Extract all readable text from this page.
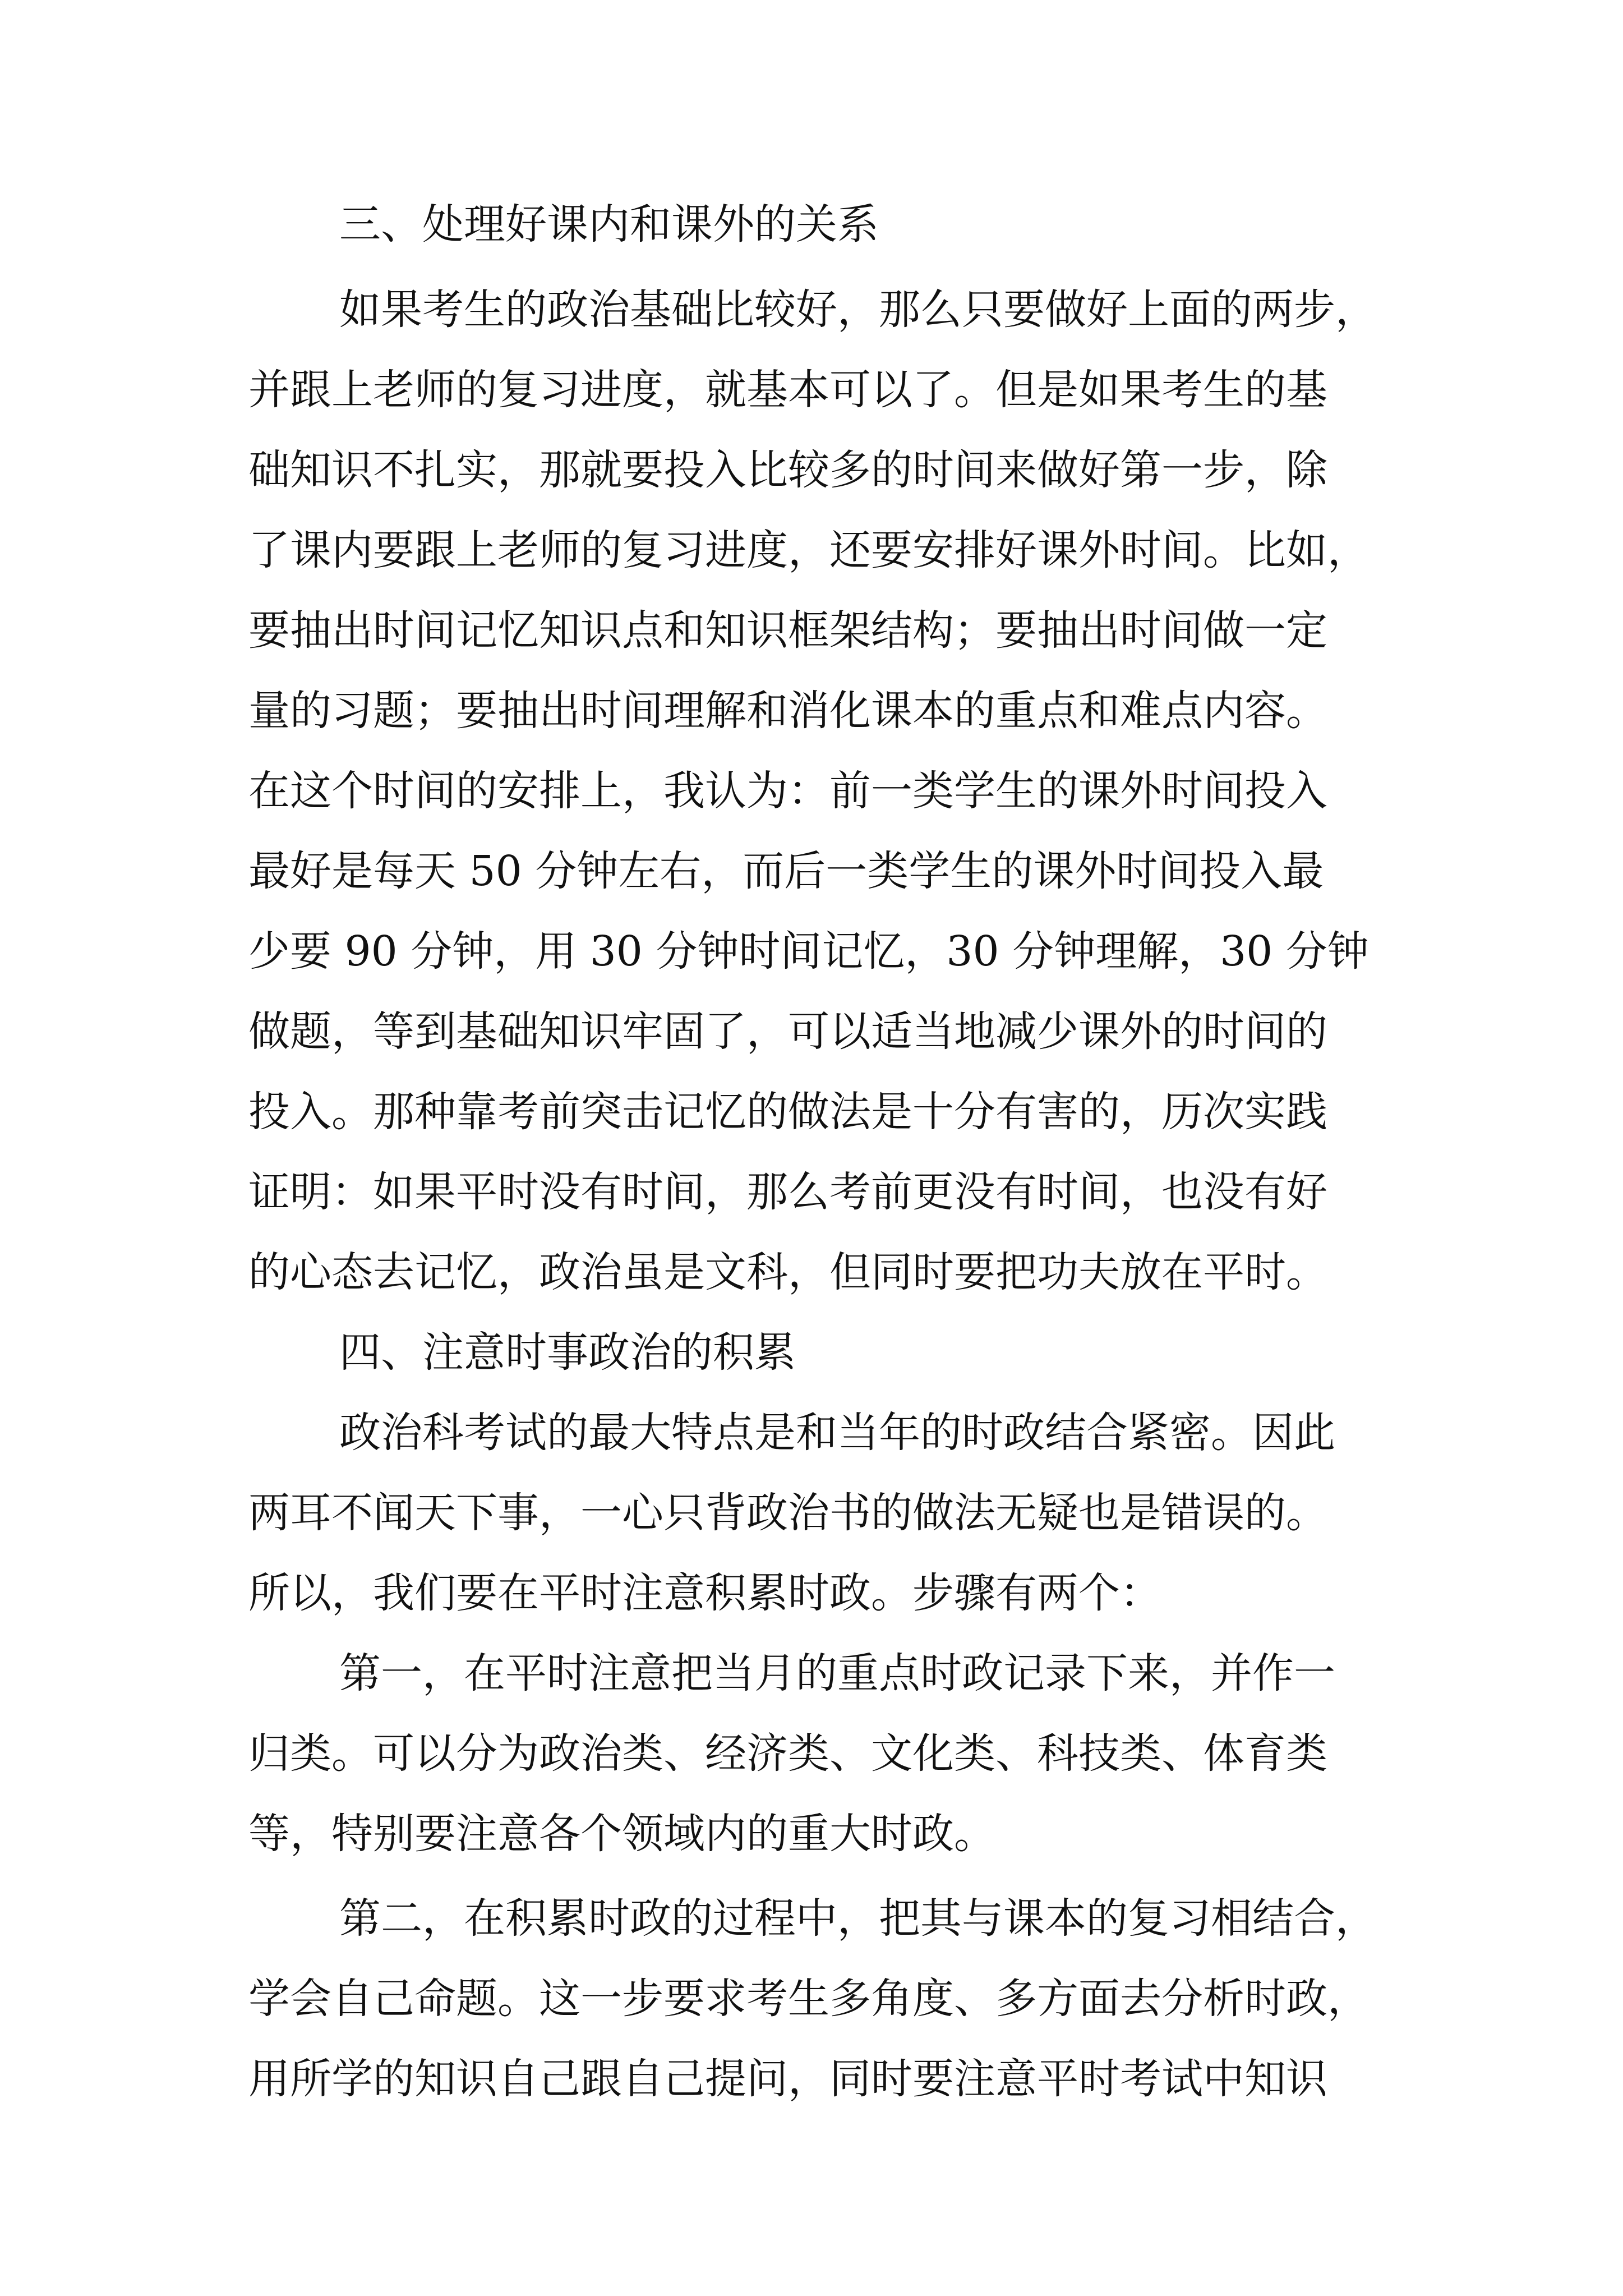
三、处理好课内和课外的关系
如果考生的政治基础比较好，那么只要做好上面的两步，
并跟上老师的复习进度，就基本可以了。但是如果考生的基
础知识不扎实，那就要投入比较多的时间来做好第一步，除
了课内要跟上老师的复习进度，还要安排好课外时间。比如，
要抽出时间记忆知识点和知识框架结构；要抽出时间做一定
量的习题；要抽出时间理解和消化课本的重点和难点内容。
在这个时间的安排上，我认为：前一类学生的课外时间投入
最好是每天 50 分钟左右，而后一类学生的课外时间投入最
少要 90 分钟，用 30 分钟时间记忆，30 分钟理解，30 分钟
做题，等到基础知识牢固了，可以适当地减少课外的时间的
投入。那种靠考前突击记忆的做法是十分有害的，历次实践
证明：如果平时没有时间，那么考前更没有时间，也没有好
的心态去记忆，政治虽是文科，但同时要把功夫放在平时。
四、注意时事政治的积累
政治科考试的最大特点是和当年的时政结合紧密。因此
两耳不闻天下事，一心只背政治书的做法无疑也是错误的。
所以，我们要在平时注意积累时政。步骤有两个：
第一，在平时注意把当月的重点时政记录下来，并作一
归类。可以分为政治类、经济类、文化类、科技类、体育类
等，特别要注意各个领域内的重大时政。
第二，在积累时政的过程中，把其与课本的复习相结合，
学会自己命题。这一步要求考生多角度、多方面去分析时政，
用所学的知识自己跟自己提问，同时要注意平时考试中知识
